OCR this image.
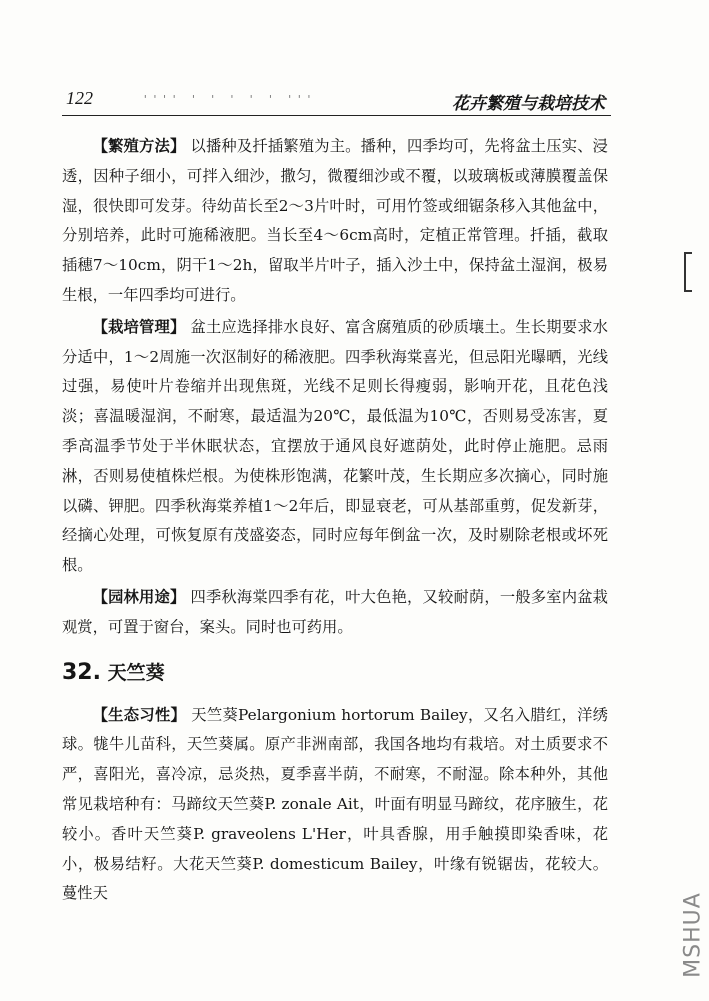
122	'''' ' ' ' ' ' '''	花卉繁殖与栽培技术

【繁殖方法】 以播种及扦插繁殖为主。播种，四季均可，先将盆土压实、浸透，因种子细小，可拌入细沙，撒匀，微覆细沙或不覆，以玻璃板或薄膜覆盖保湿，很快即可发芽。待幼苗长至2～3片叶时，可用竹签或细锯条移入其他盆中，分别培养，此时可施稀液肥。当长至4～6cm高时，定植正常管理。扦插，截取插穗7～10cm，阴干1～2h，留取半片叶子，插入沙土中，保持盆土湿润，极易生根，一年四季均可进行。

【栽培管理】 盆土应选择排水良好、富含腐殖质的砂质壤土。生长期要求水分适中，1～2周施一次沤制好的稀液肥。四季秋海棠喜光，但忌阳光曝晒，光线过强，易使叶片卷缩并出现焦斑，光线不足则长得瘦弱，影响开花，且花色浅淡；喜温暖湿润，不耐寒，最适温为20℃，最低温为10℃，否则易受冻害，夏季高温季节处于半休眠状态，宜摆放于通风良好遮荫处，此时停止施肥。忌雨淋，否则易使植株烂根。为使株形饱满，花繁叶茂，生长期应多次摘心，同时施以磷、钾肥。四季秋海棠养植1～2年后，即显衰老，可从基部重剪，促发新芽，经摘心处理，可恢复原有茂盛姿态，同时应每年倒盆一次，及时剔除老根或坏死根。

【园林用途】 四季秋海棠四季有花，叶大色艳，又较耐荫，一般多室内盆栽观赏，可置于窗台，案头。同时也可药用。

32. 天竺葵

【生态习性】 天竺葵Pelargonium hortorum Bailey，又名入腊红，洋绣球。牻牛儿苗科，天竺葵属。原产非洲南部，我国各地均有栽培。对土质要求不严，喜阳光，喜冷凉，忌炎热，夏季喜半荫，不耐寒，不耐湿。除本种外，其他常见栽培种有：马蹄纹天竺葵P. zonale Ait，叶面有明显马蹄纹，花序腋生，花较小。香叶天竺葵P. graveolens L'Her，叶具香腺，用手触摸即染香味，花小，极易结籽。大花天竺葵P. domesticum Bailey，叶缘有锐锯齿，花较大。蔓性天	MSHUA
